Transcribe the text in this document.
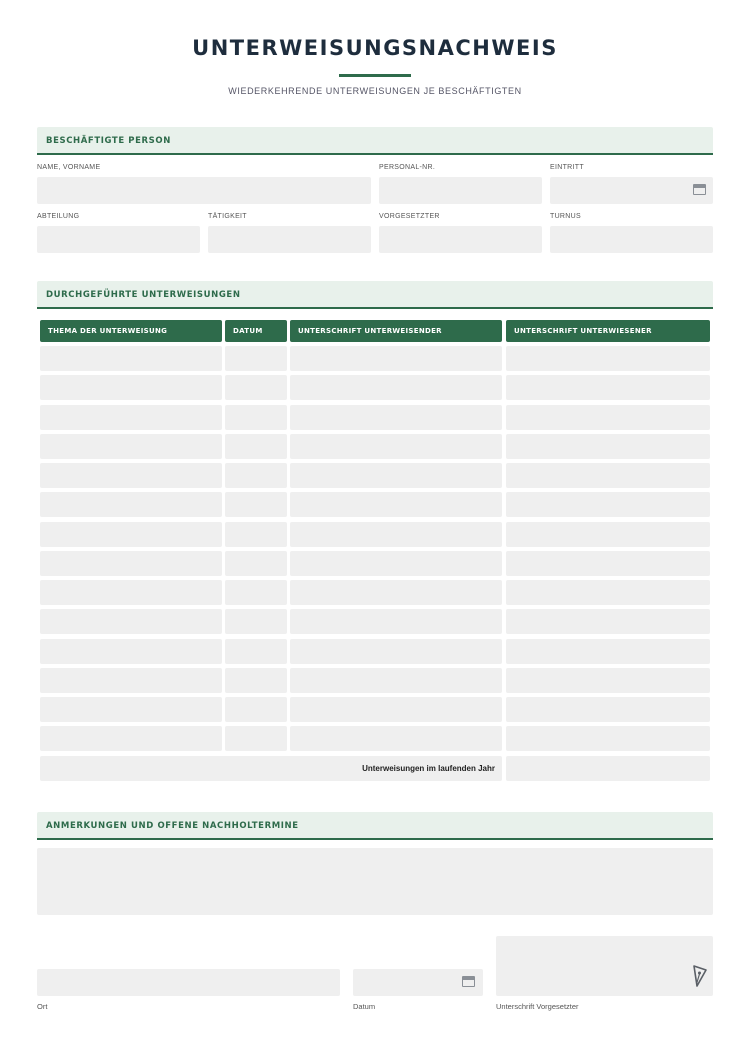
UNTERWEISUNGSNACHWEIS
WIEDERKEHRENDE UNTERWEISUNGEN JE BESCHÄFTIGTEN
BESCHÄFTIGTE PERSON
NAME, VORNAME	PERSONAL-NR.	EINTRITT
ABTEILUNG	TÄTIGKEIT	VORGESETZTER	TURNUS
DURCHGEFÜHRTE UNTERWEISUNGEN
THEMA DER UNTERWEISUNG	DATUM	UNTERSCHRIFT UNTERWEISENDER	UNTERSCHRIFT UNTERWIESENER
Unterweisungen im laufenden Jahr
ANMERKUNGEN UND OFFENE NACHHOLTERMINE
Ort	Datum	Unterschrift Vorgesetzter
